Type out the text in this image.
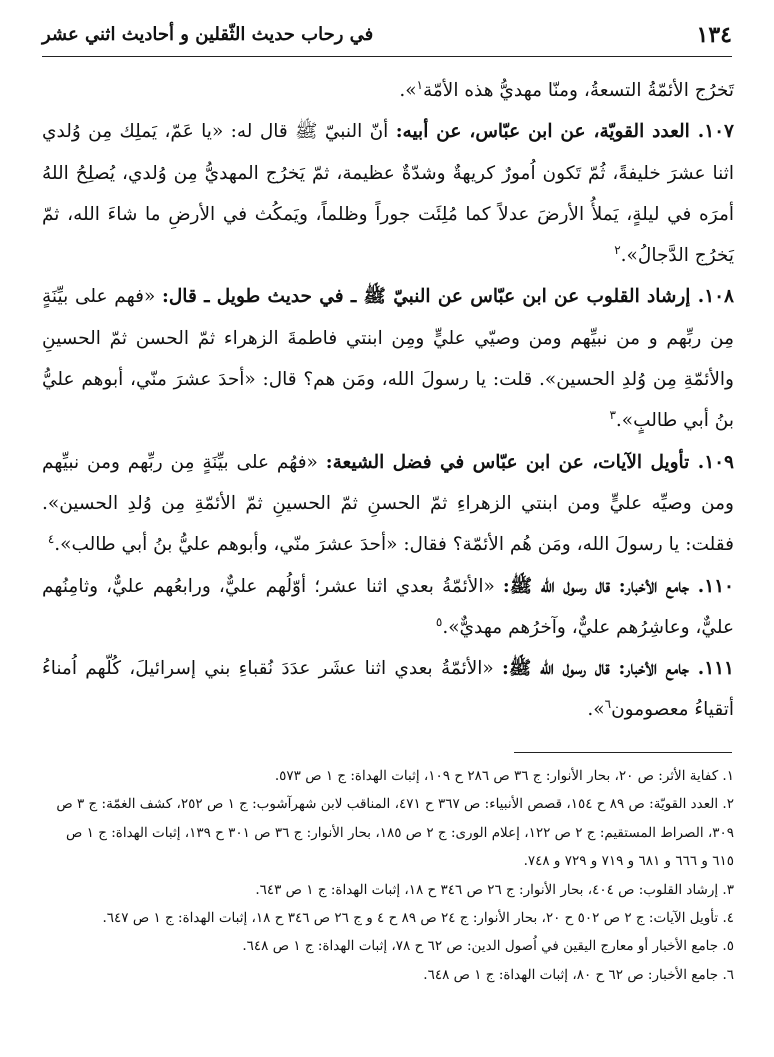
١٣٤
في رحاب حديث الثّقلين و أحاديث اثني عشر

تَخرُج الأئمّةُ التسعةُ، ومنّا مهديُّ هذه الأمّة$^١$».

١٠٧. العدد القويّة، عن ابن عبّاس، عن أبيه: أنّ النبيّ ﷺ قال له: «يا عَمّ، يَملِك مِن وُلدي اثنا عشرَ خليفةً، ثُمّ تَكون اُمورٌ كريهةٌ وشدّةٌ عظيمة، ثمّ يَخرُج المهديُّ مِن وُلدي، يُصلِحُ اللهُ أمرَه في ليلةٍ، يَملأُ الأرضَ عدلاً كما مُلِئَت جوراً وظلماً، ويَمكُث في الأرضِ ما شاءَ الله، ثمّ يَخرُج الدَّجالُ».$^٢$

١٠٨. إرشاد القلوب عن ابن عبّاس عن النبيّ ﷺ ـ في حديث طويل ـ قال: «فهم على بيِّنَةٍ مِن ربِّهم و من نبيِّهم ومن وصيّي عليٍّ ومِن ابنتي فاطمةَ الزهراء ثمّ الحسن ثمّ الحسينِ والأئمّةِ مِن وُلدِ الحسين». قلت: يا رسولَ الله، ومَن هم؟ قال: «أحدَ عشرَ منّي، أبوهم عليُّ بنُ أبي طالبٍ».$^٣$

١٠٩. تأويل الآيات، عن ابن عبّاس في فضل الشيعة: «فهُم على بيِّنَةٍ مِن ربِّهم ومن نبيِّهم ومن وصيِّه عليٍّ ومن ابنتي الزهراءِ ثمّ الحسنِ ثمّ الحسينِ ثمّ الأئمّةِ مِن وُلدِ الحسين». فقلت: يا رسولَ الله، ومَن هُم الأئمّة؟ فقال: «أحدَ عشرَ منّي، وأبوهم عليُّ بنُ أبي طالب».$^٤$

١١٠. جامع الأخبار: قال رسول الله ﷺ: «الأئمّةُ بعدي اثنا عشر؛ أوّلُهم عليٌّ، ورابعُهم عليٌّ، وثامِنُهم عليٌّ، وعاشِرُهم عليٌّ، وآخرُهم مهديٌّ».$^٥$

١١١. جامع الأخبار: قال رسول الله ﷺ: «الأئمّةُ بعدي اثنا عشَر عدَدَ نُقباءِ بني إسرائيلَ، كُلّهم اُمناءُ أتقياءُ معصومون$^٦$».

١. كفاية الأثر: ص ٢٠، بحار الأنوار: ج ٣٦ ص ٢٨٦ ح ١٠٩، إثبات الهداة: ج ١ ص ٥٧٣.

٢. العدد القويّة: ص ٨٩ ح ١٥٤، قصص الأنبياء: ص ٣٦٧ ح ٤٧١، المناقب لابن شهرآشوب: ج ١ ص ٢٥٢، كشف الغمّة: ج ٣ ص ٣٠٩، الصراط المستقيم: ج ٢ ص ١٢٢، إعلام الورى: ج ٢ ص ١٨٥، بحار الأنوار: ج ٣٦ ص ٣٠١ ح ١٣٩، إثبات الهداة: ج ١ ص ٦١٥ و ٦٦٦ و ٦٨١ و ٧١٩ و ٧٢٩ و ٧٤٨.

٣. إرشاد القلوب: ص ٤٠٤، بحار الأنوار: ج ٢٦ ص ٣٤٦ ح ١٨، إثبات الهداة: ج ١ ص ٦٤٣.

٤. تأويل الآيات: ج ٢ ص ٥٠٢ ح ٢٠، بحار الأنوار: ج ٢٤ ص ٨٩ ح ٤ و ج ٢٦ ص ٣٤٦ ح ١٨، إثبات الهداة: ج ١ ص ٦٤٧.

٥. جامع الأخبار أو معارج اليقين في اُصول الدين: ص ٦٢ ح ٧٨، إثبات الهداة: ج ١ ص ٦٤٨.

٦. جامع الأخبار: ص ٦٢ ح ٨٠، إثبات الهداة: ج ١ ص ٦٤٨.
